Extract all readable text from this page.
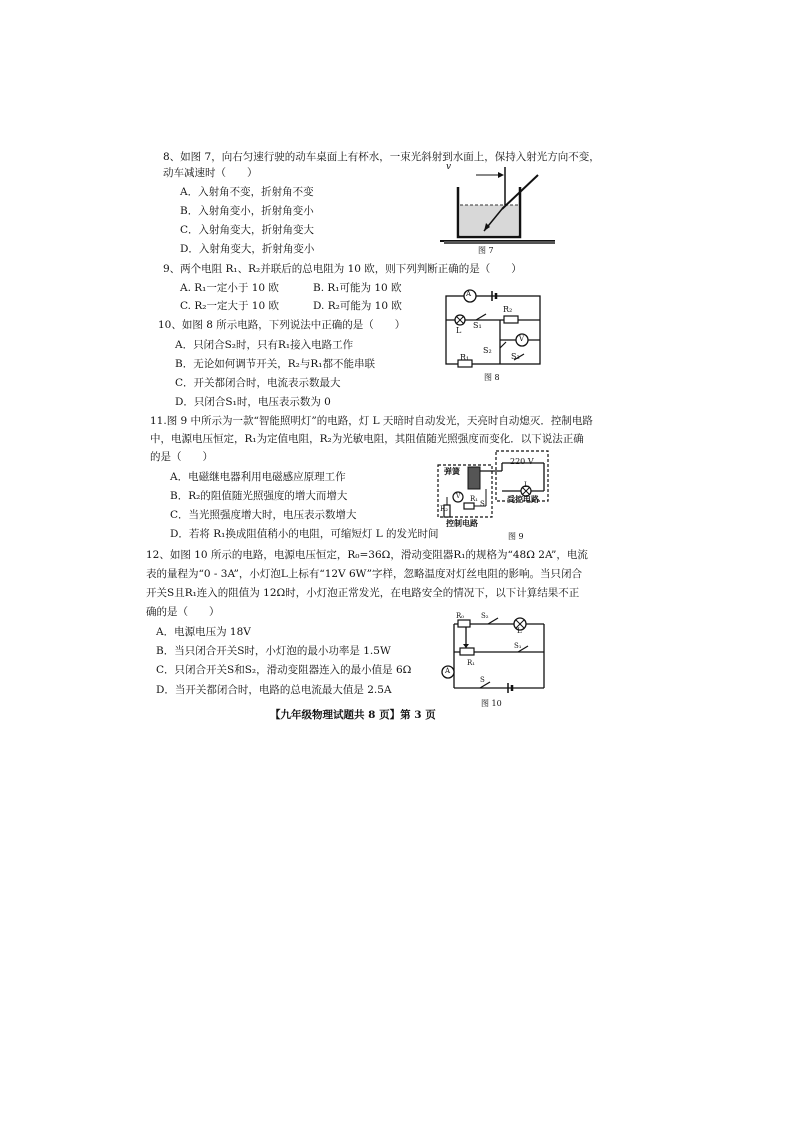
8、如图 7，向右匀速行驶的动车桌面上有杯水，一束光斜射到水面上，保持入射光方向不变，
动车减速时（　　）
A．入射角不变，折射角不变
B．入射角变小，折射角变小
C．入射角变大，折射角变大
D．入射角变大，折射角变小
v
图 7
9、两个电阻 R₁、R₂并联后的总电阻为 10 欧，则下列判断正确的是（　　）
A. R₁一定小于 10 欧	B. R₁可能为 10 欧
C. R₂一定大于 10 欧	D. R₂可能为 10 欧
10、如图 8 所示电路，下列说法中正确的是（　　）
A．只闭合S₂时，只有R₁接入电路工作
B．无论如何调节开关，R₂与R₁都不能串联
C．开关都闭合时，电流表示数最大
D．只闭合S₁时，电压表示数为 0
A
V
L
R₂
R₁
S₁
S₂
S₃
图 8
11.图 9 中所示为一款“智能照明灯”的电路，灯 L 天暗时自动发光，天亮时自动熄灭．控制电路
中，电源电压恒定，R₁为定值电阻，R₂为光敏电阻，其阻值随光照强度而变化．以下说法正确
的是（　　）
A．电磁继电器利用电磁感应原理工作
B．R₂的阻值随光照强度的增大而增大
C．当光照强度增大时，电压表示数增大
D．若将 R₁换成阻值稍小的电阻，可缩短灯 L 的发光时间
弹簧
220 V
受控电路
控制电路
R₁
R₂
S
L
V
图 9
12、如图 10 所示的电路，电源电压恒定，R₀=36Ω，滑动变阻器R₁的规格为“48Ω 2A”，电流
表的量程为“0 - 3A”，小灯泡L上标有“12V 6W”字样，忽略温度对灯丝电阻的影响。当只闭合
开关S且R₁连入的阻值为 12Ω时，小灯泡正常发光，在电路安全的情况下，以下计算结果不正
确的是（　　）
A．电源电压为 18V
B．当只闭合开关S时，小灯泡的最小功率是 1.5W
C．只闭合开关S和S₂，滑动变阻器连入的最小值是 6Ω
D．当开关都闭合时，电路的总电流最大值是 2.5A
R₀
R₁
S₂
S₁
S
L
A
图 10
【九年级物理试题共 8 页】第 3 页
